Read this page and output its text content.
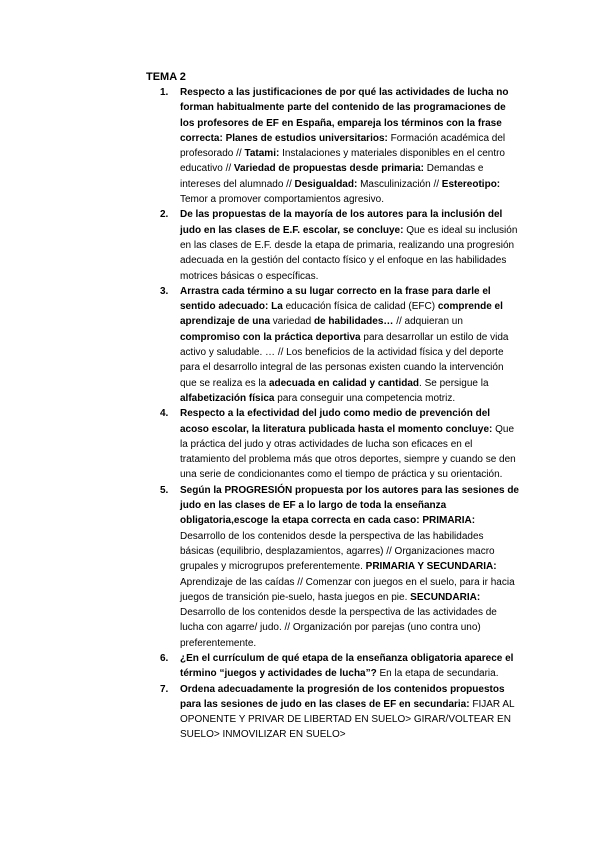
TEMA 2
1. Respecto a las justificaciones de por qué las actividades de lucha no forman habitualmente parte del contenido de las programaciones de los profesores de EF en España, empareja los términos con la frase correcta: Planes de estudios universitarios: Formación académica del profesorado // Tatami: Instalaciones y materiales disponibles en el centro educativo // Variedad de propuestas desde primaria: Demandas e intereses del alumnado // Desigualdad: Masculinización // Estereotipo: Temor a promover comportamientos agresivo.
2. De las propuestas de la mayoría de los autores para la inclusión del judo en las clases de E.F. escolar, se concluye: Que es ideal su inclusión en las clases de E.F. desde la etapa de primaria, realizando una progresión adecuada en la gestión del contacto físico y el enfoque en las habilidades motrices básicas o específicas.
3. Arrastra cada término a su lugar correcto en la frase para darle el sentido adecuado: La educación física de calidad (EFC) comprende el aprendizaje de una variedad de habilidades… // adquieran un compromiso con la práctica deportiva para desarrollar un estilo de vida activo y saludable. … // Los beneficios de la actividad física y del deporte para el desarrollo integral de las personas existen cuando la intervención que se realiza es la adecuada en calidad y cantidad. Se persigue la alfabetización física para conseguir una competencia motriz.
4. Respecto a la efectividad del judo como medio de prevención del acoso escolar, la literatura publicada hasta el momento concluye: Que la práctica del judo y otras actividades de lucha son eficaces en el tratamiento del problema más que otros deportes, siempre y cuando se den una serie de condicionantes como el tiempo de práctica y su orientación.
5. Según la PROGRESIÓN propuesta por los autores para las sesiones de judo en las clases de EF a lo largo de toda la enseñanza obligatoria,escoge la etapa correcta en cada caso: PRIMARIA: Desarrollo de los contenidos desde la perspectiva de las habilidades básicas (equilibrio, desplazamientos, agarres) // Organizaciones macro grupales y microgrupos preferentemente. PRIMARIA Y SECUNDARIA: Aprendizaje de las caídas // Comenzar con juegos en el suelo, para ir hacia juegos de transición pie-suelo, hasta juegos en pie. SECUNDARIA: Desarrollo de los contenidos desde la perspectiva de las actividades de lucha con agarre/ judo. // Organización por parejas (uno contra uno) preferentemente.
6. ¿En el currículum de qué etapa de la enseñanza obligatoria aparece el término “juegos y actividades de lucha”? En la etapa de secundaria.
7. Ordena adecuadamente la progresión de los contenidos propuestos para las sesiones de judo en las clases de EF en secundaria: FIJAR AL OPONENTE Y PRIVAR DE LIBERTAD EN SUELO> GIRAR/VOLTEAR EN SUELO> INMOVILIZAR EN SUELO>
